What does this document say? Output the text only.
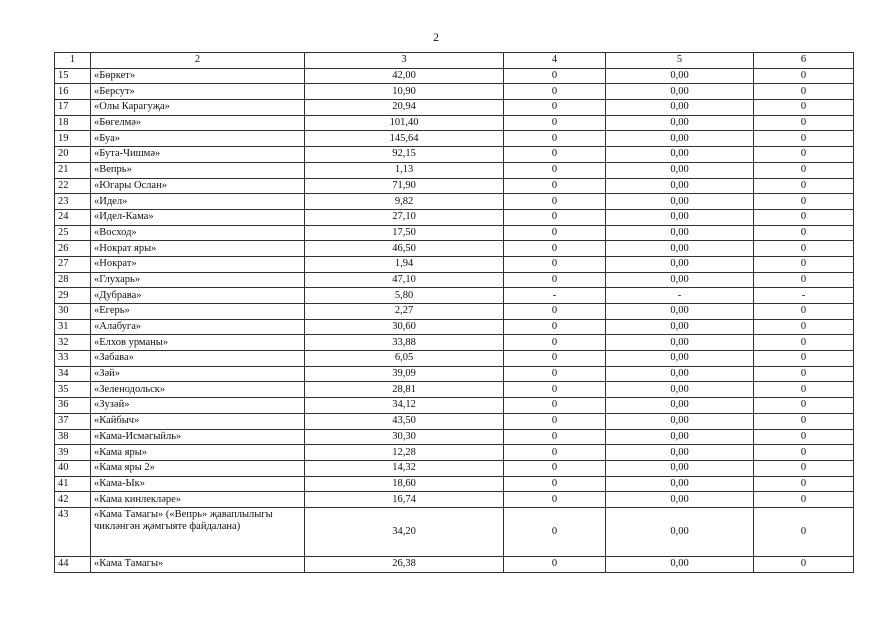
2
1	2	3	4	5	6
15	«Бөркет»	42,00	0	0,00	0
16	«Берсут»	10,90	0	0,00	0
17	«Олы Карагуҗа»	20,94	0	0,00	0
18	«Бөгелмә»	101,40	0	0,00	0
19	«Буа»	145,64	0	0,00	0
20	«Бута-Чишмә»	92,15	0	0,00	0
21	«Вепрь»	1,13	0	0,00	0
22	«Югары Ослан»	71,90	0	0,00	0
23	«Идел»	9,82	0	0,00	0
24	«Идел-Кама»	27,10	0	0,00	0
25	«Восход»	17,50	0	0,00	0
26	«Нократ яры»	46,50	0	0,00	0
27	«Нократ»	1,94	0	0,00	0
28	«Глухарь»	47,10	0	0,00	0
29	«Дубрава»	5,80	-	-	-
30	«Егерь»	2,27	0	0,00	0
31	«Алабуга»	30,60	0	0,00	0
32	«Елхов урманы»	33,88	0	0,00	0
33	«Забава»	6,05	0	0,00	0
34	«Зәй»	39,09	0	0,00	0
35	«Зеленодольск»	28,81	0	0,00	0
36	«Зузәй»	34,12	0	0,00	0
37	«Кайбыч»	43,50	0	0,00	0
38	«Кама-Исмәгыйль»	30,30	0	0,00	0
39	«Кама яры»	12,28	0	0,00	0
40	«Кама яры 2»	14,32	0	0,00	0
41	«Кама-Ык»	18,60	0	0,00	0
42	«Кама кинлекләре»	16,74	0	0,00	0
43	«Кама Тамагы» («Вепрь» җаваплылыгы чикләнгән җәмгыяте файдалана)	34,20	0	0,00	0
44	«Кама Тамагы»	26,38	0	0,00	0
